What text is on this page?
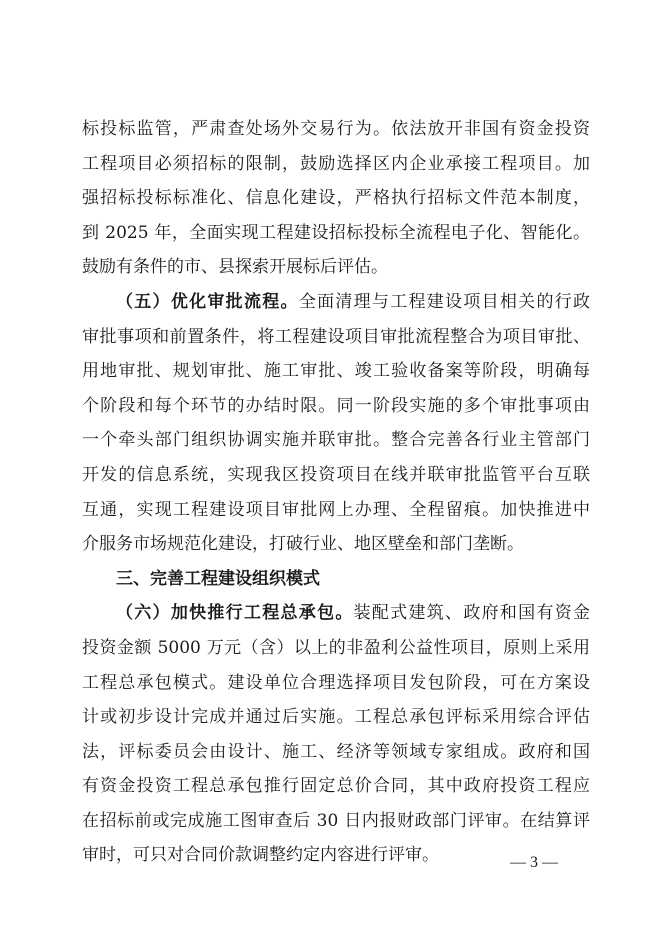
标投标监管，严肃查处场外交易行为。依法放开非国有资金投资
工程项目必须招标的限制，鼓励选择区内企业承接工程项目。加
强招标投标标准化、信息化建设，严格执行招标文件范本制度，
到 2025 年，全面实现工程建设招标投标全流程电子化、智能化。
鼓励有条件的市、县探索开展标后评估。
（五）优化审批流程。全面清理与工程建设项目相关的行政
审批事项和前置条件，将工程建设项目审批流程整合为项目审批、
用地审批、规划审批、施工审批、竣工验收备案等阶段，明确每
个阶段和每个环节的办结时限。同一阶段实施的多个审批事项由
一个牵头部门组织协调实施并联审批。整合完善各行业主管部门
开发的信息系统，实现我区投资项目在线并联审批监管平台互联
互通，实现工程建设项目审批网上办理、全程留痕。加快推进中
介服务市场规范化建设，打破行业、地区壁垒和部门垄断。
三、完善工程建设组织模式
（六）加快推行工程总承包。装配式建筑、政府和国有资金
投资金额 5000 万元（含）以上的非盈利公益性项目，原则上采用
工程总承包模式。建设单位合理选择项目发包阶段，可在方案设
计或初步设计完成并通过后实施。工程总承包评标采用综合评估
法，评标委员会由设计、施工、经济等领域专家组成。政府和国
有资金投资工程总承包推行固定总价合同，其中政府投资工程应
在招标前或完成施工图审查后 30 日内报财政部门评审。在结算评
审时，可只对合同价款调整约定内容进行评审。	— 3 —
